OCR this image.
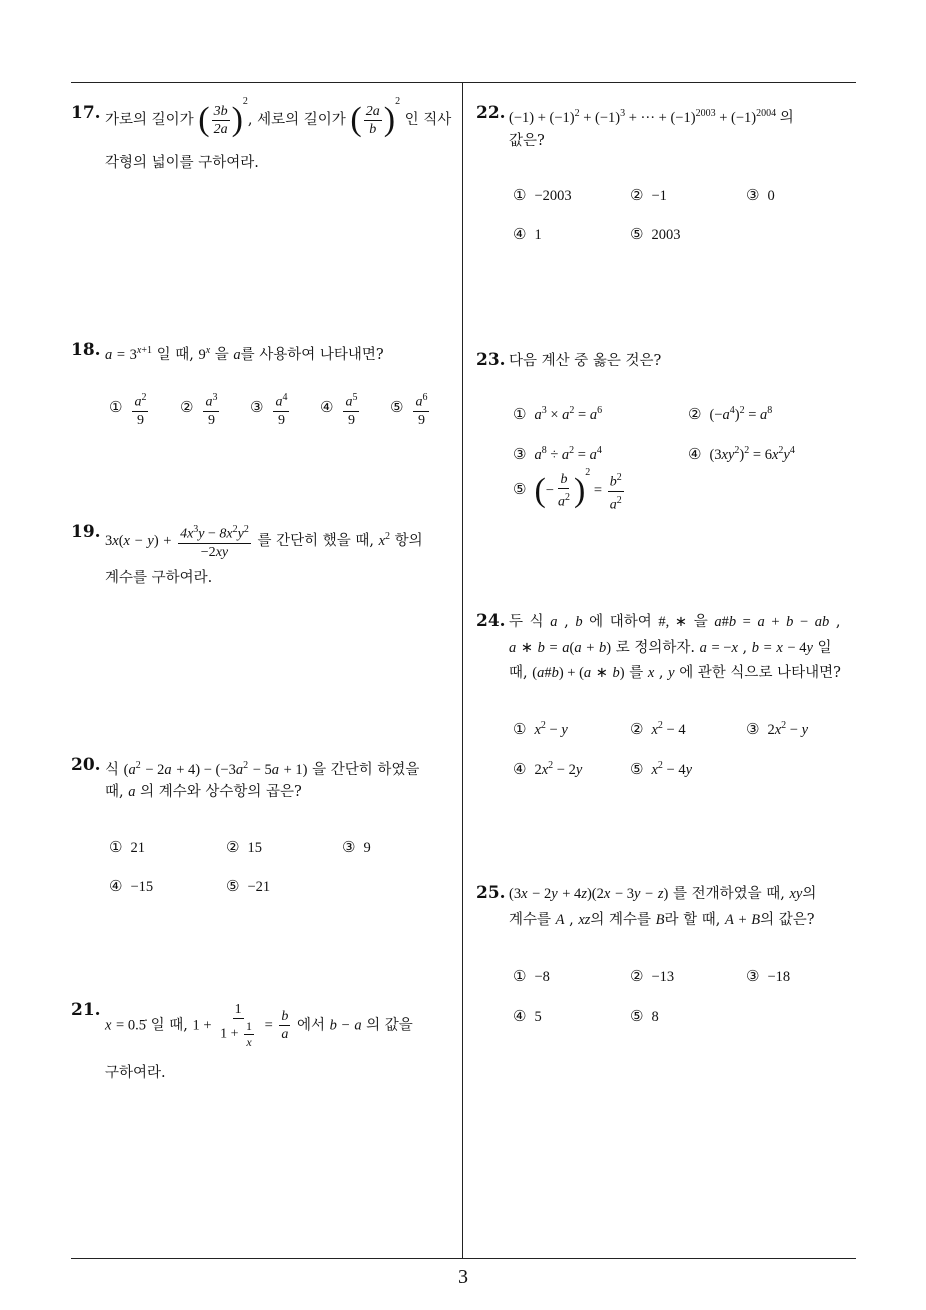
17. 가로의 길이가 ( $\frac{3b}{2a} )^2$, 세로의 길이가 ( $\frac{2a}{b} )^2$ 인 직사
각형의 넓이를 구하여라.
18. $a = 3^{x+1}$ 일 때, 9$^x$ 을 a를 사용하여 나타내면?
① $\frac{a^2}{9}$ ② $\frac{a^3}{9}$ ③ $\frac{a^4}{9}$ ④ $\frac{a^5}{9}$ ⑤ $\frac{a^6}{9}$
19. $3x(x - y) + \frac{4x^3y - 8x^2y^2}{-2xy}$ 를 간단히 했을 때, $x^2$ 항의
계수를 구하여라.
20. 식 $(a^2 - 2a + 4) - (-3a^2 - 5a + 1)$ 을 간단히 하였을
때, a 의 계수와 상수항의 곱은?
① 21	② 15	③ 9
④ −15	⑤ −21
21.
x = 0.5̇ 일 때, $1 + \frac{1}{1 + \frac{1}{x}} = \frac{b}{a}$ 에서 b − a 의 값을
구하여라.
22. $(-1) + (-1)^2 + (-1)^3$ + ··· + $(-1)^{2003} + (-1)^{2004}$ 의
값은?
① −2003	② −1	③ 0
④ 1	⑤ 2003
23. 다음 계산 중 옳은 것은?
① $a^3 \times a^2 = a^6$	② $(-a^4)^2 = a^8$
③ $a^8 \div a^2 = a^4$	④ $(3xy^2)^2 = 6x^2y^4$
⑤ (− $\frac{b}{a^2} )^2 = \frac{b^2}{a^2}$
24. 두 식 a , b 에 대하여 #, ∗ 을 a#b = a + b − ab ,
a ∗ b = a(a + b) 로 정의하자. a = −x , b = x − 4y 일
때, (a#b) + (a ∗ b) 를 x , y 에 관한 식으로 나타내면?
① $x^2 - y$	② $x^2 - 4$	③ $2x^2 - y$
④ $2x^2 - 2y$	⑤ $x^2 - 4y$
25. (3x − 2y + 4z)(2x − 3y − z) 를 전개하였을 때, xy의
계수를 A , xz의 계수를 B라 할 때, A + B의 값은?
① −8	② −13	③ −18
④ 5	⑤ 8
3
